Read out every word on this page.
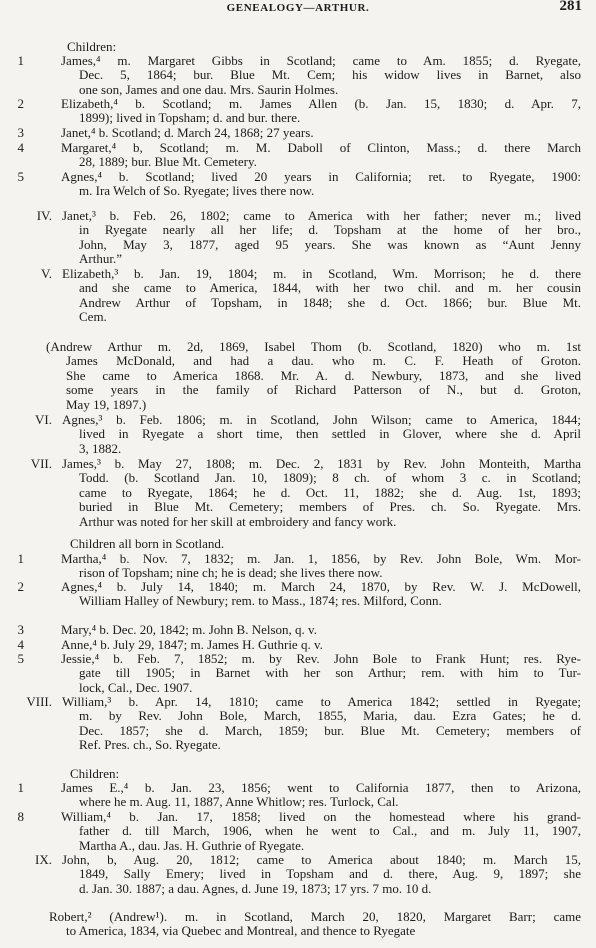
GENEALOGY—ARTHUR.	281
Children:
1	James,⁴ m. Margaret Gibbs in Scotland; came to Am. 1855; d. Ryegate,
Dec. 5, 1864; bur. Blue Mt. Cem; his widow lives in Barnet, also
one son, James and one dau. Mrs. Saurin Holmes.
2	Elizabeth,⁴ b. Scotland; m. James Allen (b. Jan. 15, 1830; d. Apr. 7,
1899); lived in Topsham; d. and bur. there.
3	Janet,⁴ b. Scotland; d. March 24, 1868; 27 years.
4	Margaret,⁴ b, Scotland; m. M. Daboll of Clinton, Mass.; d. there March
28, 1889; bur. Blue Mt. Cemetery.
5	Agnes,⁴ b. Scotland; lived 20 years in California; ret. to Ryegate, 1900:
m. Ira Welch of So. Ryegate; lives there now.
IV. Janet,³ b. Feb. 26, 1802; came to America with her father; never m.; lived
in Ryegate nearly all her life; d. Topsham at the home of her bro.,
John, May 3, 1877, aged 95 years. She was known as “Aunt Jenny
Arthur.”
V. Elizabeth,³ b. Jan. 19, 1804; m. in Scotland, Wm. Morrison; he d. there
and she came to America, 1844, with her two chil. and m. her cousin
Andrew Arthur of Topsham, in 1848; she d. Oct. 1866; bur. Blue Mt.
Cem.
(Andrew Arthur m. 2d, 1869, Isabel Thom (b. Scotland, 1820) who m. 1st
James McDonald, and had a dau. who m. C. F. Heath of Groton.
She came to America 1868. Mr. A. d. Newbury, 1873, and she lived
some years in the family of Richard Patterson of N., but d. Groton,
May 19, 1897.)
VI. Agnes,³ b. Feb. 1806; m. in Scotland, John Wilson; came to America, 1844;
lived in Ryegate a short time, then settled in Glover, where she d. April
3, 1882.
VII. James,³ b. May 27, 1808; m. Dec. 2, 1831 by Rev. John Monteith, Martha
Todd. (b. Scotland Jan. 10, 1809); 8 ch. of whom 3 c. in Scotland;
came to Ryegate, 1864; he d. Oct. 11, 1882; she d. Aug. 1st, 1893;
buried in Blue Mt. Cemetery; members of Pres. ch. So. Ryegate. Mrs.
Arthur was noted for her skill at embroidery and fancy work.
Children all born in Scotland.
1	Martha,⁴ b. Nov. 7, 1832; m. Jan. 1, 1856, by Rev. John Bole, Wm. Mor-
rison of Topsham; nine ch; he is dead; she lives there now.
2	Agnes,⁴ b. July 14, 1840; m. March 24, 1870, by Rev. W. J. McDowell,
William Halley of Newbury; rem. to Mass., 1874; res. Milford, Conn.
3	Mary,⁴ b. Dec. 20, 1842; m. John B. Nelson, q. v.
4	Anne,⁴ b. July 29, 1847; m. James H. Guthrie q. v.
5	Jessie,⁴ b. Feb. 7, 1852; m. by Rev. John Bole to Frank Hunt; res. Rye-
gate till 1905; in Barnet with her son Arthur; rem. with him to Tur-
lock, Cal., Dec. 1907.
VIII. William,³ b. Apr. 14, 1810; came to America 1842; settled in Ryegate;
m. by Rev. John Bole, March, 1855, Maria, dau. Ezra Gates; he d.
Dec. 1857; she d. March, 1859; bur. Blue Mt. Cemetery; members of
Ref. Pres. ch., So. Ryegate.
Children:
1	James E.,⁴ b. Jan. 23, 1856; went to California 1877, then to Arizona,
where he m. Aug. 11, 1887, Anne Whitlow; res. Turlock, Cal.
8	William,⁴ b. Jan. 17, 1858; lived on the homestead where his grand-
father d. till March, 1906, when he went to Cal., and m. July 11, 1907,
Martha A., dau. Jas. H. Guthrie of Ryegate.
IX. John, b, Aug. 20, 1812; came to America about 1840; m. March 15,
1849, Sally Emery; lived in Topsham and d. there, Aug. 9, 1897; she
d. Jan. 30. 1887; a dau. Agnes, d. June 19, 1873; 17 yrs. 7 mo. 10 d.
Robert,² (Andrew¹). m. in Scotland, March 20, 1820, Margaret Barr; came
to America, 1834, via Quebec and Montreal, and thence to Ryegate
